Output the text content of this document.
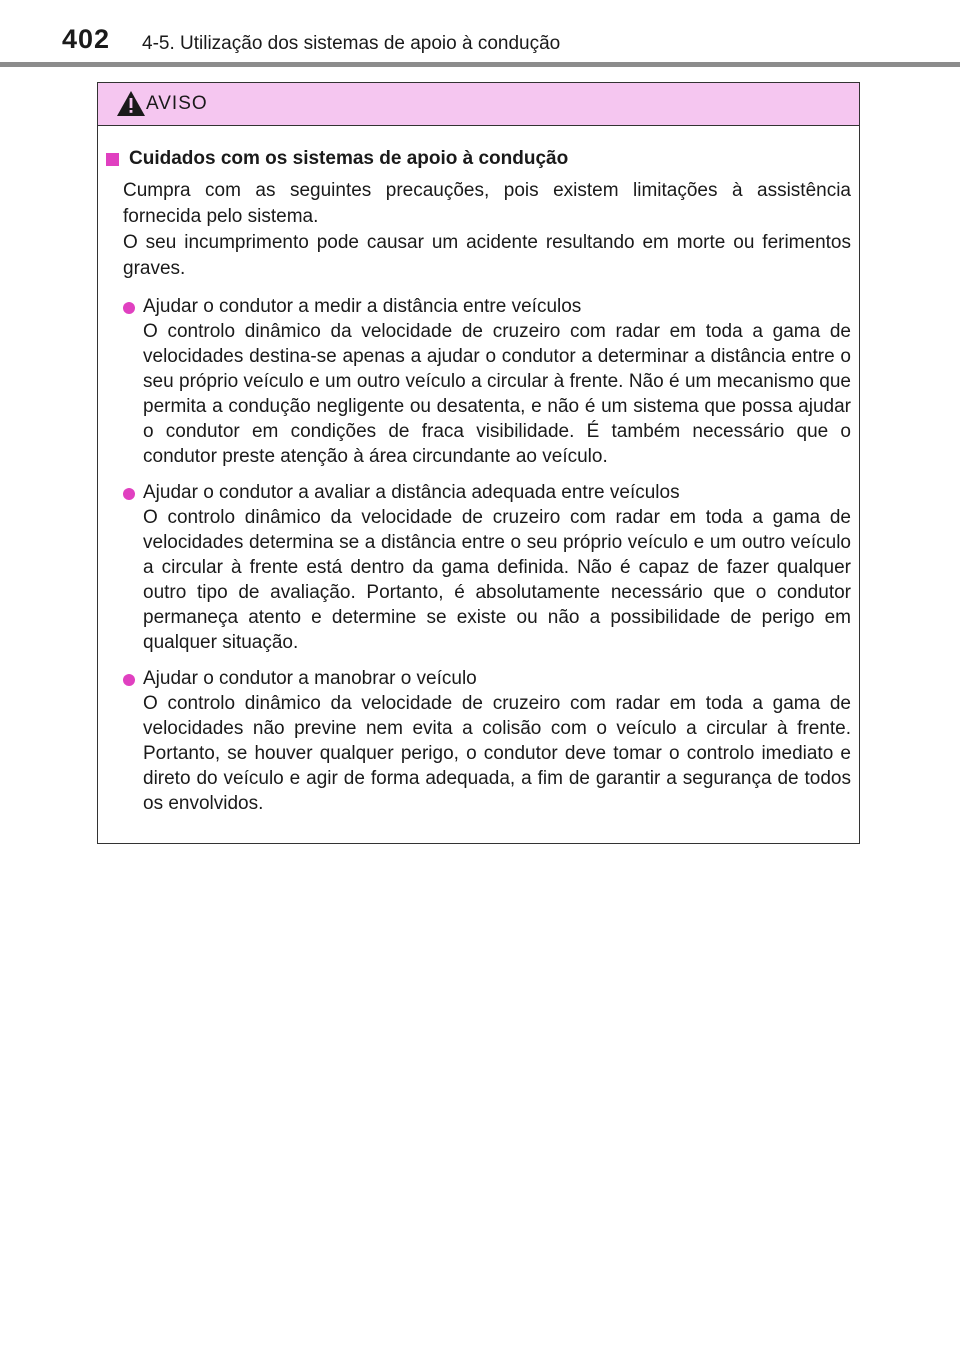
402 4-5. Utilização dos sistemas de apoio à condução
AVISO
Cuidados com os sistemas de apoio à condução

Cumpra com as seguintes precauções, pois existem limitações à assistência fornecida pelo sistema.

O seu incumprimento pode causar um acidente resultando em morte ou ferimentos graves.

Ajudar o condutor a medir a distância entre veículos
O controlo dinâmico da velocidade de cruzeiro com radar em toda a gama de velocidades destina-se apenas a ajudar o condutor a determinar a distância entre o seu próprio veículo e um outro veículo a circular à frente. Não é um mecanismo que permita a condução negligente ou desatenta, e não é um sistema que possa ajudar o condutor em condições de fraca visibilidade. É também necessário que o condutor preste atenção à área circundante ao veículo.
Ajudar o condutor a avaliar a distância adequada entre veículos
O controlo dinâmico da velocidade de cruzeiro com radar em toda a gama de velocidades determina se a distância entre o seu próprio veículo e um outro veículo a circular à frente está dentro da gama definida. Não é capaz de fazer qualquer outro tipo de avaliação. Portanto, é absolutamente necessário que o condutor permaneça atento e determine se existe ou não a possibilidade de perigo em qualquer situação.
Ajudar o condutor a manobrar o veículo
O controlo dinâmico da velocidade de cruzeiro com radar em toda a gama de velocidades não previne nem evita a colisão com o veículo a circular à frente. Portanto, se houver qualquer perigo, o condutor deve tomar o controlo imediato e direto do veículo e agir de forma adequada, a fim de garantir a segurança de todos os envolvidos.
